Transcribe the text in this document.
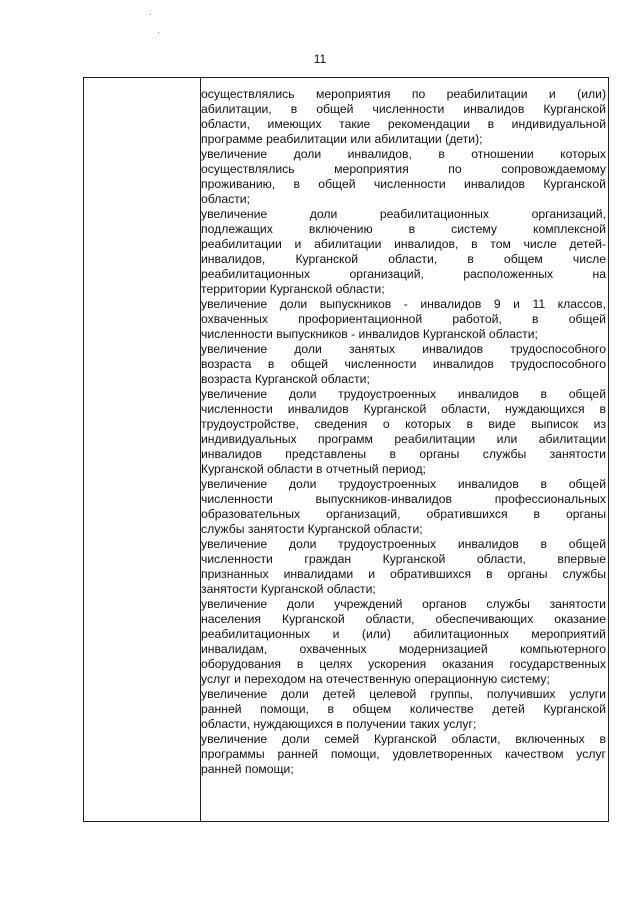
11
осуществлялись мероприятия по реабилитации и (или)
абилитации, в общей численности инвалидов Курганской
области, имеющих такие рекомендации в индивидуальной
программе реабилитации или абилитации (дети);
увеличение доли инвалидов, в отношении которых
осуществлялись мероприятия по сопровождаемому
проживанию, в общей численности инвалидов Курганской
области;
увеличение доли реабилитационных организаций,
подлежащих включению в систему комплексной
реабилитации и абилитации инвалидов, в том числе детей-
инвалидов, Курганской области, в общем числе
реабилитационных организаций, расположенных на
территории Курганской области;
увеличение доли выпускников - инвалидов 9 и 11 классов,
охваченных профориентационной работой, в общей
численности выпускников - инвалидов Курганской области;
увеличение доли занятых инвалидов трудоспособного
возраста в общей численности инвалидов трудоспособного
возраста Курганской области;
увеличение доли трудоустроенных инвалидов в общей
численности инвалидов Курганской области, нуждающихся в
трудоустройстве, сведения о которых в виде выписок из
индивидуальных программ реабилитации или абилитации
инвалидов представлены в органы службы занятости
Курганской области в отчетный период;
увеличение доли трудоустроенных инвалидов в общей
численности выпускников-инвалидов профессиональных
образовательных организаций, обратившихся в органы
службы занятости Курганской области;
увеличение доли трудоустроенных инвалидов в общей
численности граждан Курганской области, впервые
признанных инвалидами и обратившихся в органы службы
занятости Курганской области;
увеличение доли учреждений органов службы занятости
населения Курганской области, обеспечивающих оказание
реабилитационных и (или) абилитационных мероприятий
инвалидам, охваченных модернизацией компьютерного
оборудования в целях ускорения оказания государственных
услуг и переходом на отечественную операционную систему;
увеличение доли детей целевой группы, получивших услуги
ранней помощи, в общем количестве детей Курганской
области, нуждающихся в получении таких услуг;
увеличение доли семей Курганской области, включенных в
программы ранней помощи, удовлетворенных качеством услуг
ранней помощи;
